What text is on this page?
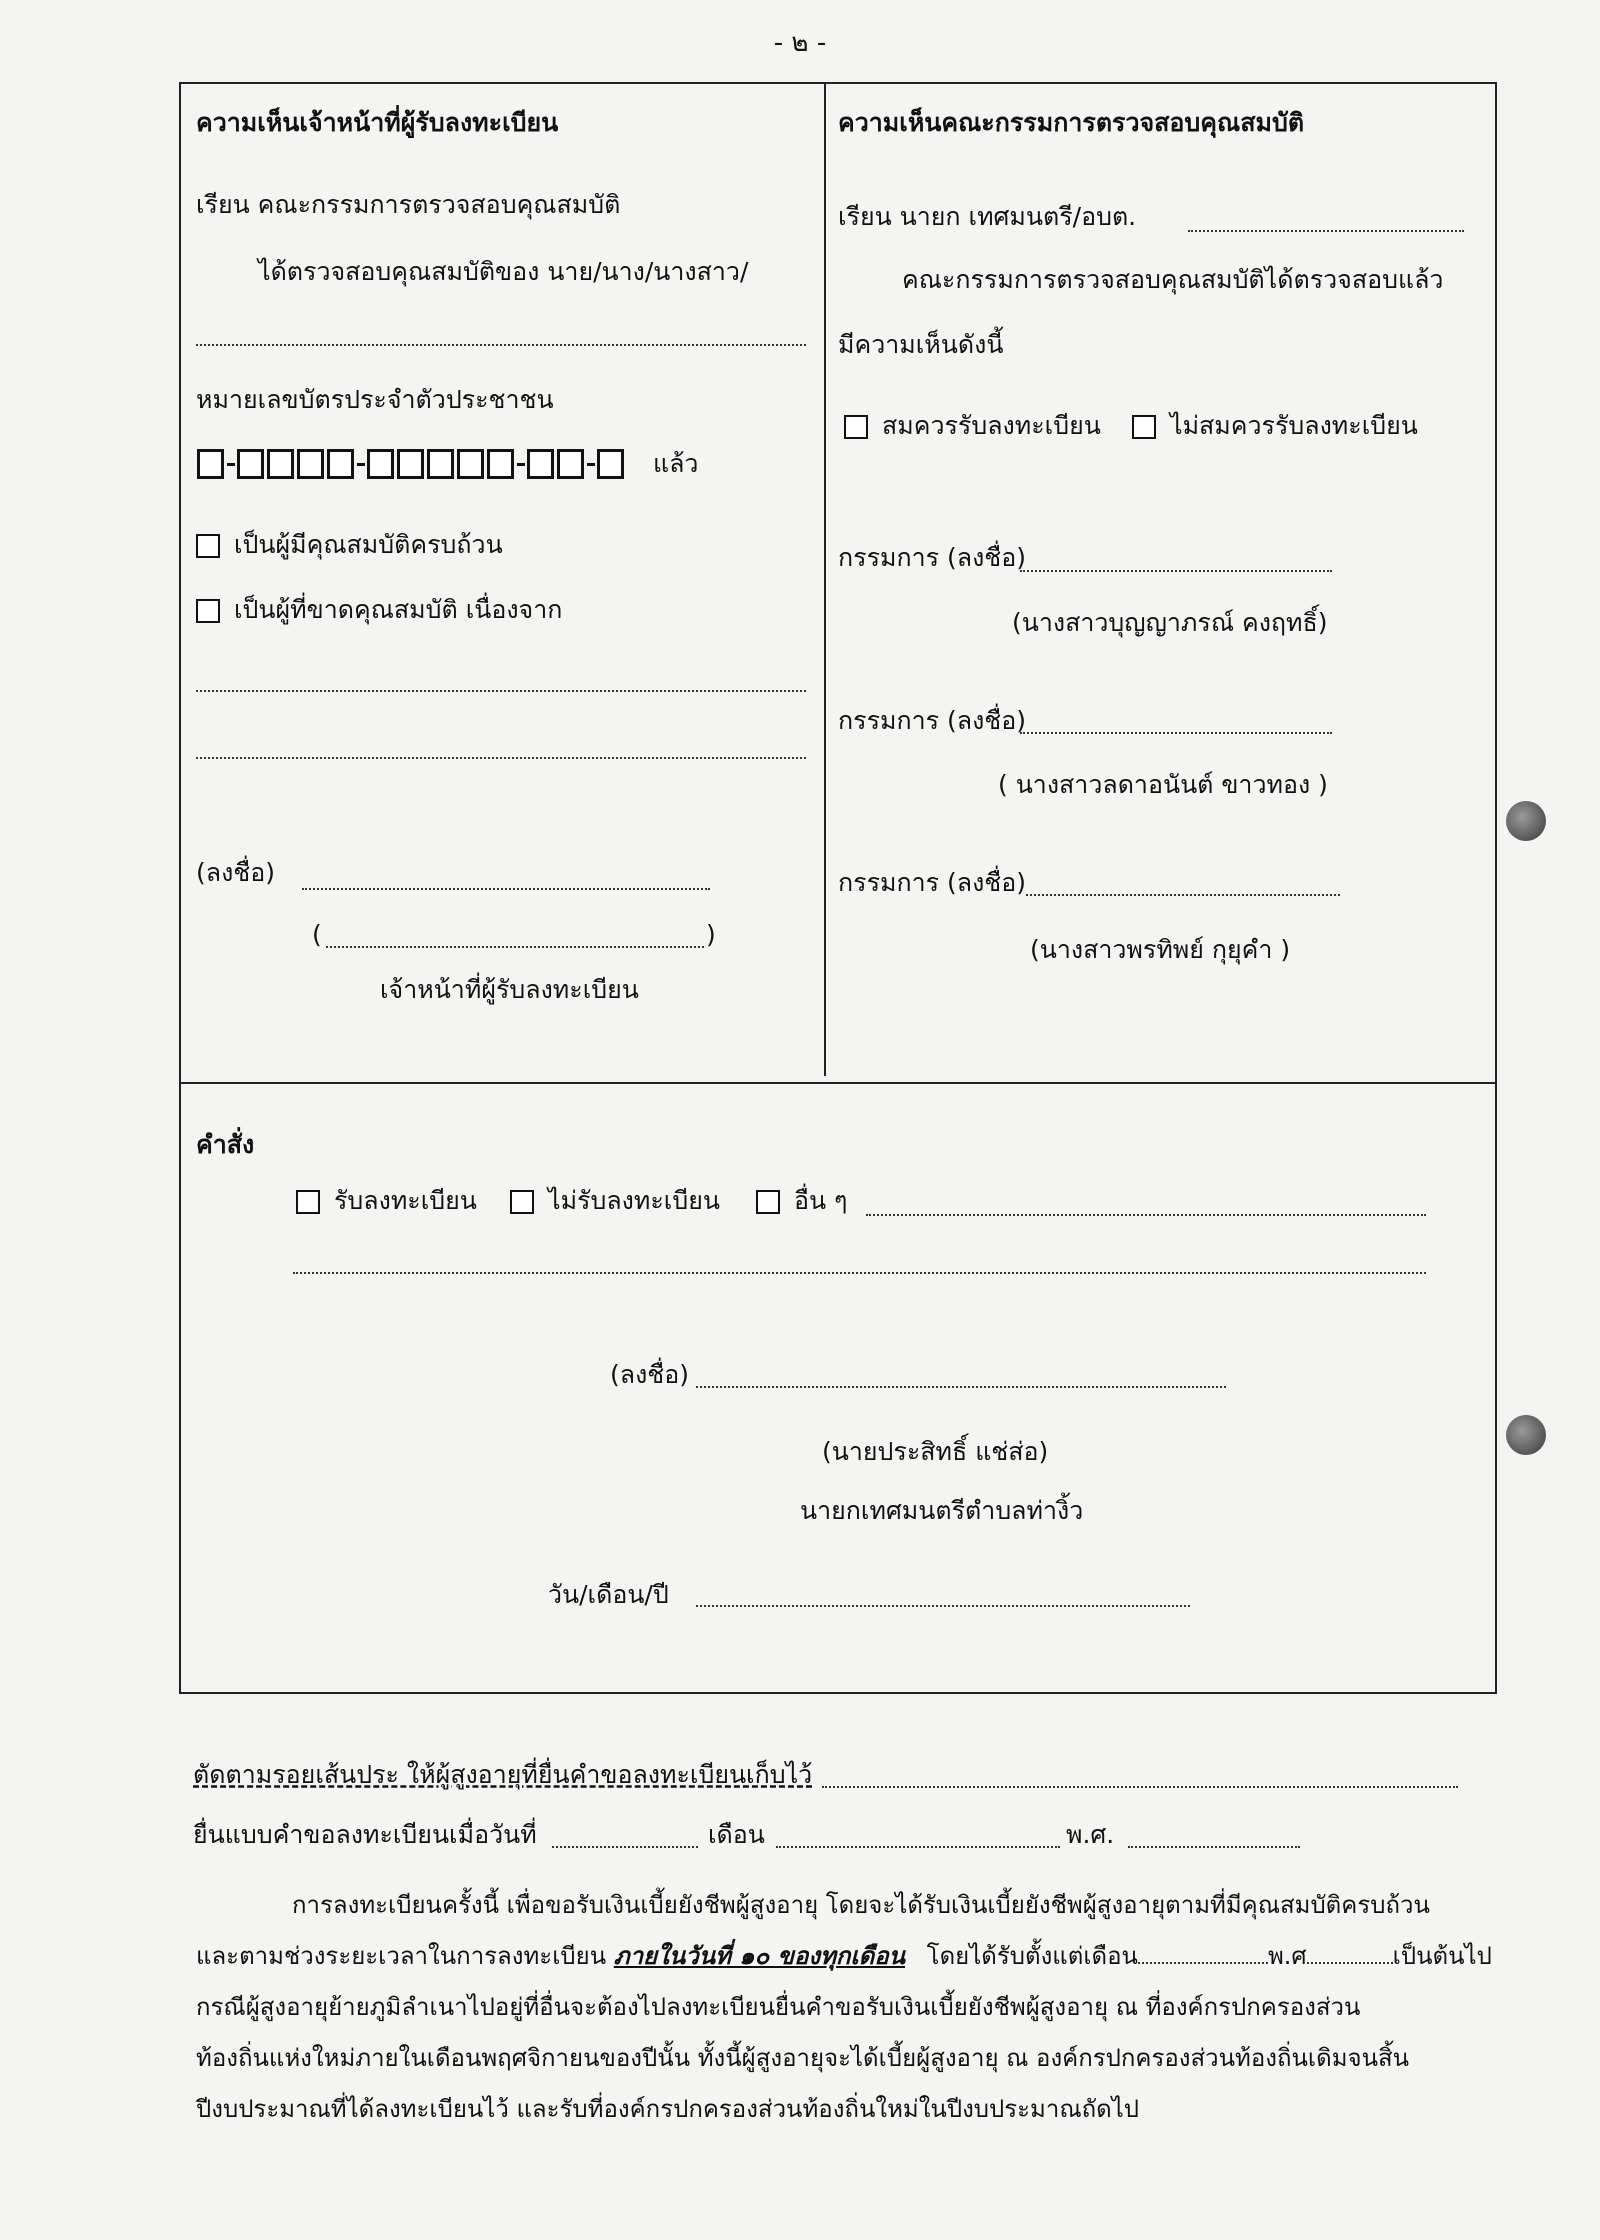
- ๒ -
ความเห็นเจ้าหน้าที่ผู้รับลงทะเบียน
เรียน คณะกรรมการตรวจสอบคุณสมบัติ
ได้ตรวจสอบคุณสมบัติของ นาย/นาง/นางสาว/
หมายเลขบัตรประจำตัวประชาชน
แล้ว
เป็นผู้มีคุณสมบัติครบถ้วน
เป็นผู้ที่ขาดคุณสมบัติ เนื่องจาก
(ลงชื่อ)
(	)
เจ้าหน้าที่ผู้รับลงทะเบียน
ความเห็นคณะกรรมการตรวจสอบคุณสมบัติ
เรียน นายก เทศมนตรี/อบต.
คณะกรรมการตรวจสอบคุณสมบัติได้ตรวจสอบแล้ว
มีความเห็นดังนี้
สมควรรับลงทะเบียน	ไม่สมควรรับลงทะเบียน
กรรมการ (ลงชื่อ)
(นางสาวบุญญาภรณ์ คงฤทธิ์)
กรรมการ (ลงชื่อ)
( นางสาวลดาอนันต์ ขาวทอง )
กรรมการ (ลงชื่อ)
(นางสาวพรทิพย์ กุยุคำ )
คำสั่ง
รับลงทะเบียน	ไม่รับลงทะเบียน	อื่น ๆ
(ลงชื่อ)
(นายประสิทธิ์ แช่ส่อ)
นายกเทศมนตรีตำบลท่างิ้ว
วัน/เดือน/ปี
ตัดตามรอยเส้นประ ให้ผู้สูงอายุที่ยื่นคำขอลงทะเบียนเก็บไว้
ยื่นแบบคำขอลงทะเบียนเมื่อวันที่	เดือน	พ.ศ.
การลงทะเบียนครั้งนี้ เพื่อขอรับเงินเบี้ยยังชีพผู้สูงอายุ โดยจะได้รับเงินเบี้ยยังชีพผู้สูงอายุตามที่มีคุณสมบัติครบถ้วน
และตามช่วงระยะเวลาในการลงทะเบียน ภายในวันที่ ๑๐ ของทุกเดือน โดยได้รับตั้งแต่เดือน	พ.ศ	เป็นต้นไป
กรณีผู้สูงอายุย้ายภูมิลำเนาไปอยู่ที่อื่นจะต้องไปลงทะเบียนยื่นคำขอรับเงินเบี้ยยังชีพผู้สูงอายุ ณ ที่องค์กรปกครองส่วน
ท้องถิ่นแห่งใหม่ภายในเดือนพฤศจิกายนของปีนั้น ทั้งนี้ผู้สูงอายุจะได้เบี้ยผู้สูงอายุ ณ องค์กรปกครองส่วนท้องถิ่นเดิมจนสิ้น
ปีงบประมาณที่ได้ลงทะเบียนไว้ และรับที่องค์กรปกครองส่วนท้องถิ่นใหม่ในปีงบประมาณถัดไป
